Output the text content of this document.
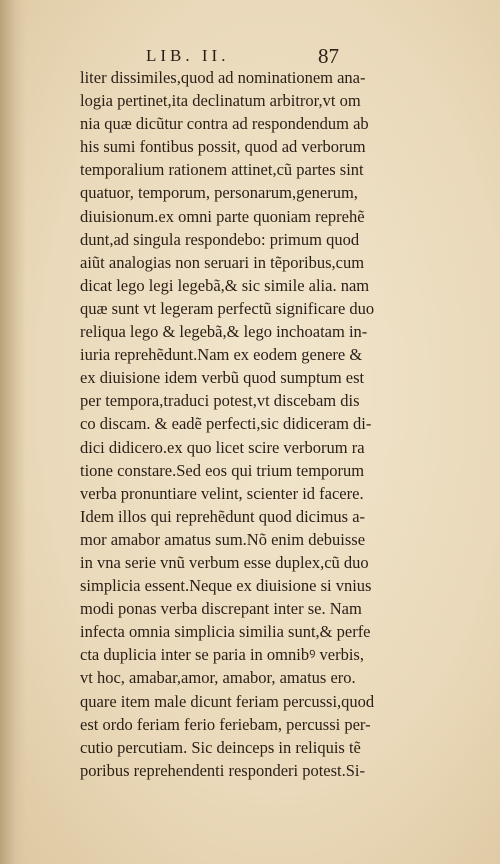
LIB. II.	87
liter dissimiles,quod ad nominationem ana-
logia pertinet,ita declinatum arbitror,vt om
nia quæ dicũtur contra ad respondendum ab
his sumi fontibus possit, quod ad verborum
temporalium rationem attinet,cũ partes sint
quatuor, temporum, personarum,generum,
diuisionum.ex omni parte quoniam reprehẽ
dunt,ad singula respondebo: primum quod
aiũt analogias non seruari in tẽporibus,cum
dicat lego legi legebã,& sic simile alia. nam
quæ sunt vt legeram perfectũ significare duo
reliqua lego & legebã,& lego inchoatam in-
iuria reprehẽdunt.Nam ex eodem genere &
ex diuisione idem verbũ quod sumptum est
per tempora,traduci potest,vt discebam dis
co discam. & eadẽ perfecti,sic didiceram di-
dici didicero.ex quo licet scire verborum ra
tione constare.Sed eos qui trium temporum
verba pronuntiare velint, scienter id facere.
Idem illos qui reprehẽdunt quod dicimus a-
mor amabor amatus sum.Nõ enim debuisse
in vna serie vnũ verbum esse duplex,cũ duo
simplicia essent.Neque ex diuisione si vnius
modi ponas verba discrepant inter se. Nam
infecta omnia simplicia similia sunt,& perfe
cta duplicia inter se paria in omnibꝰ verbis,
vt hoc, amabar,amor, amabor, amatus ero.
quare item male dicunt feriam percussi,quod
est ordo feriam ferio feriebam, percussi per-
cutio percutiam. Sic deinceps in reliquis tẽ
poribus reprehendenti responderi potest.Si-
